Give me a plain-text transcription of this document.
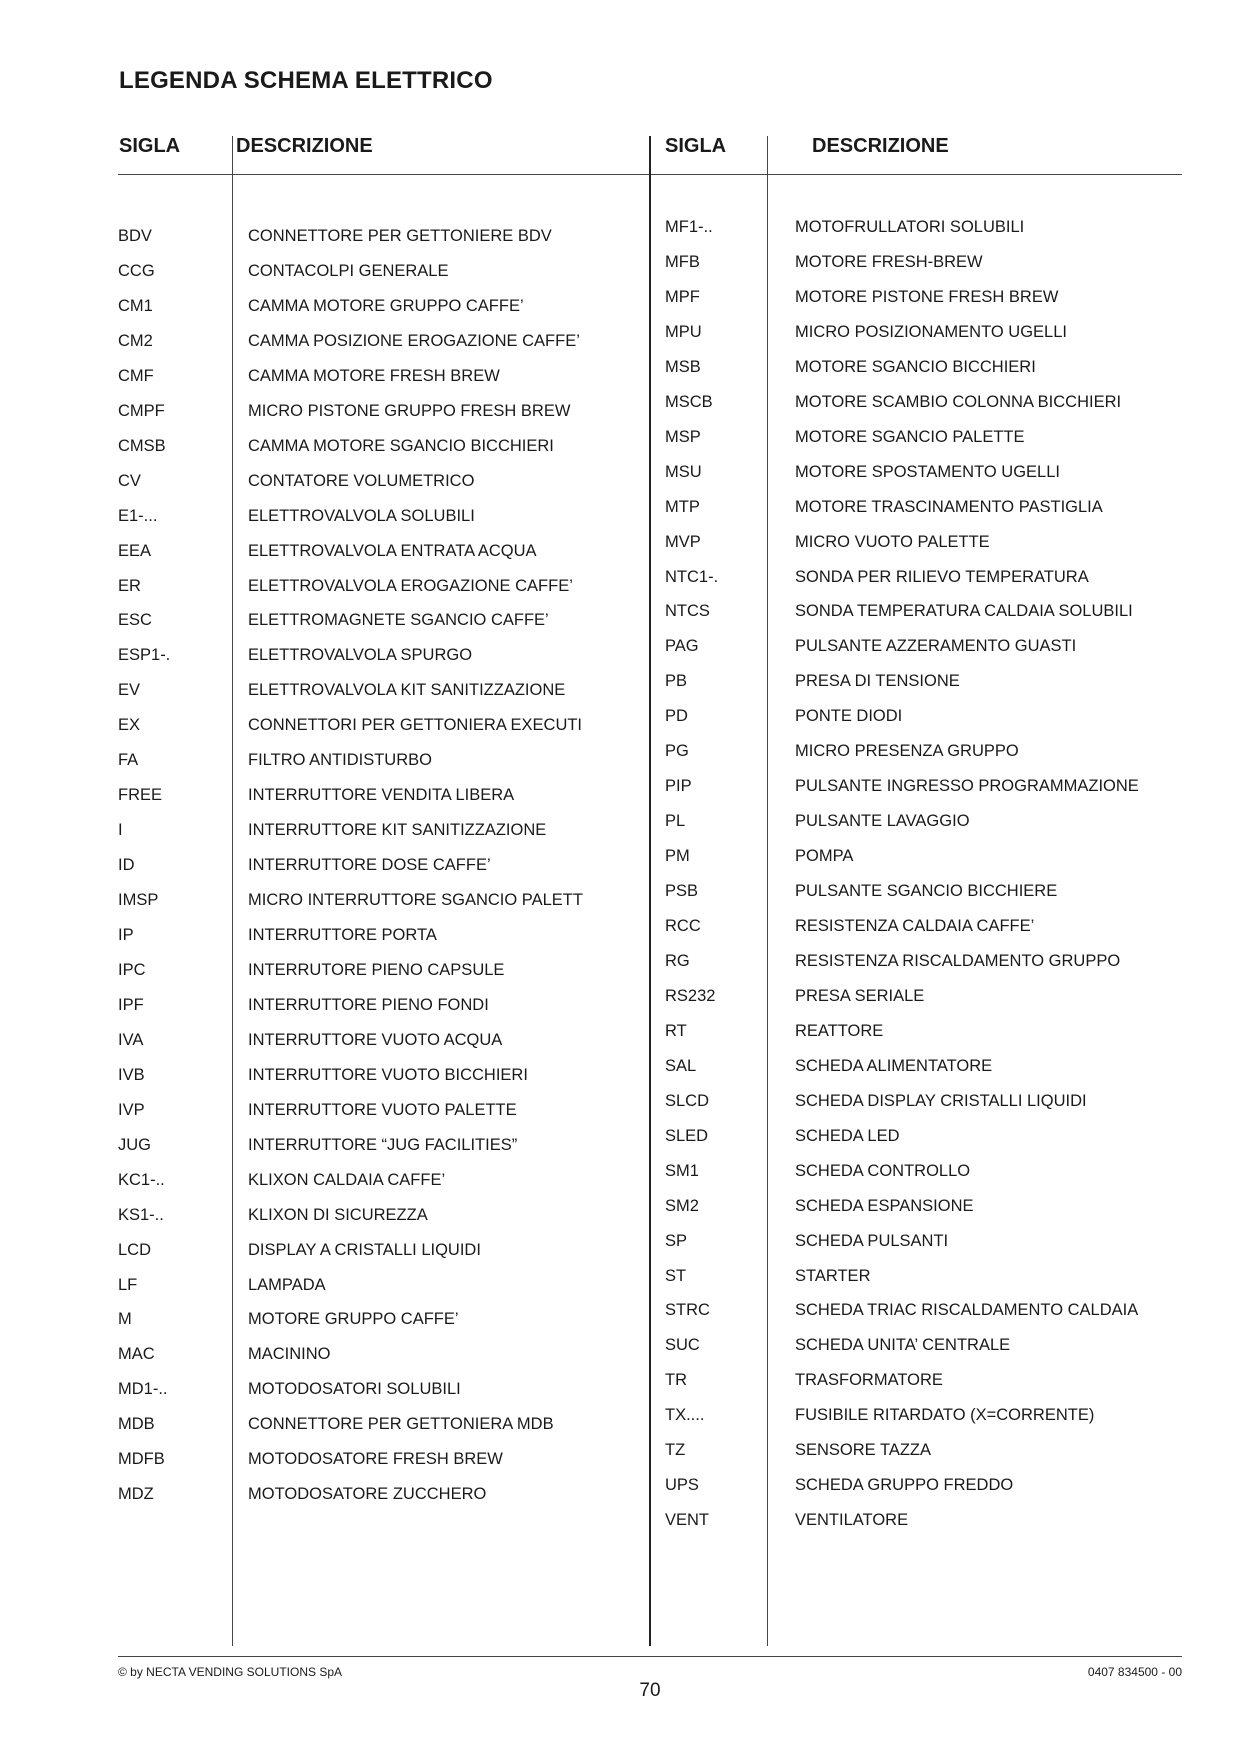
LEGENDA SCHEMA ELETTRICO
SIGLA	DESCRIZIONE	SIGLA	DESCRIZIONE
BDV	CONNETTORE PER GETTONIERE BDV
CCG	CONTACOLPI GENERALE
CM1	CAMMA MOTORE GRUPPO CAFFE’
CM2	CAMMA POSIZIONE EROGAZIONE CAFFE’
CMF	CAMMA MOTORE FRESH BREW
CMPF	MICRO PISTONE GRUPPO FRESH BREW
CMSB	CAMMA MOTORE SGANCIO BICCHIERI
CV	CONTATORE VOLUMETRICO
E1-...	ELETTROVALVOLA SOLUBILI
EEA	ELETTROVALVOLA ENTRATA ACQUA
ER	ELETTROVALVOLA EROGAZIONE CAFFE’
ESC	ELETTROMAGNETE SGANCIO CAFFE’
ESP1-.	ELETTROVALVOLA SPURGO
EV	ELETTROVALVOLA KIT SANITIZZAZIONE
EX	CONNETTORI PER GETTONIERA EXECUTI
FA	FILTRO ANTIDISTURBO
FREE	INTERRUTTORE VENDITA LIBERA
I	INTERRUTTORE KIT SANITIZZAZIONE
ID	INTERRUTTORE DOSE CAFFE’
IMSP	MICRO INTERRUTTORE SGANCIO PALETT
IP	INTERRUTTORE PORTA
IPC	INTERRUTORE PIENO CAPSULE
IPF	INTERRUTTORE PIENO FONDI
IVA	INTERRUTTORE VUOTO ACQUA
IVB	INTERRUTTORE VUOTO BICCHIERI
IVP	INTERRUTTORE VUOTO PALETTE
JUG	INTERRUTTORE “JUG FACILITIES”
KC1-..	KLIXON CALDAIA CAFFE’
KS1-..	KLIXON DI SICUREZZA
LCD	DISPLAY A CRISTALLI LIQUIDI
LF	LAMPADA
M	MOTORE GRUPPO CAFFE’
MAC	MACININO
MD1-..	MOTODOSATORI SOLUBILI
MDB	CONNETTORE PER GETTONIERA MDB
MDFB	MOTODOSATORE FRESH BREW
MDZ	MOTODOSATORE ZUCCHERO
MF1-..	MOTOFRULLATORI SOLUBILI
MFB	MOTORE FRESH-BREW
MPF	MOTORE PISTONE FRESH BREW
MPU	MICRO POSIZIONAMENTO UGELLI
MSB	MOTORE SGANCIO BICCHIERI
MSCB	MOTORE SCAMBIO COLONNA BICCHIERI
MSP	MOTORE SGANCIO PALETTE
MSU	MOTORE SPOSTAMENTO UGELLI
MTP	MOTORE TRASCINAMENTO PASTIGLIA
MVP	MICRO VUOTO PALETTE
NTC1-.	SONDA PER RILIEVO TEMPERATURA
NTCS	SONDA TEMPERATURA CALDAIA SOLUBILI
PAG	PULSANTE AZZERAMENTO GUASTI
PB	PRESA DI TENSIONE
PD	PONTE DIODI
PG	MICRO PRESENZA GRUPPO
PIP	PULSANTE INGRESSO PROGRAMMAZIONE
PL	PULSANTE LAVAGGIO
PM	POMPA
PSB	PULSANTE SGANCIO BICCHIERE
RCC	RESISTENZA CALDAIA CAFFE’
RG	RESISTENZA RISCALDAMENTO GRUPPO
RS232	PRESA SERIALE
RT	REATTORE
SAL	SCHEDA ALIMENTATORE
SLCD	SCHEDA DISPLAY CRISTALLI LIQUIDI
SLED	SCHEDA LED
SM1	SCHEDA CONTROLLO
SM2	SCHEDA ESPANSIONE
SP	SCHEDA PULSANTI
ST	STARTER
STRC	SCHEDA TRIAC RISCALDAMENTO CALDAIA
SUC	SCHEDA UNITA’ CENTRALE
TR	TRASFORMATORE
TX....	FUSIBILE RITARDATO (X=CORRENTE)
TZ	SENSORE TAZZA
UPS	SCHEDA GRUPPO FREDDO
VENT	VENTILATORE
© by NECTA VENDING SOLUTIONS SpA	0407 834500 - 00
70
